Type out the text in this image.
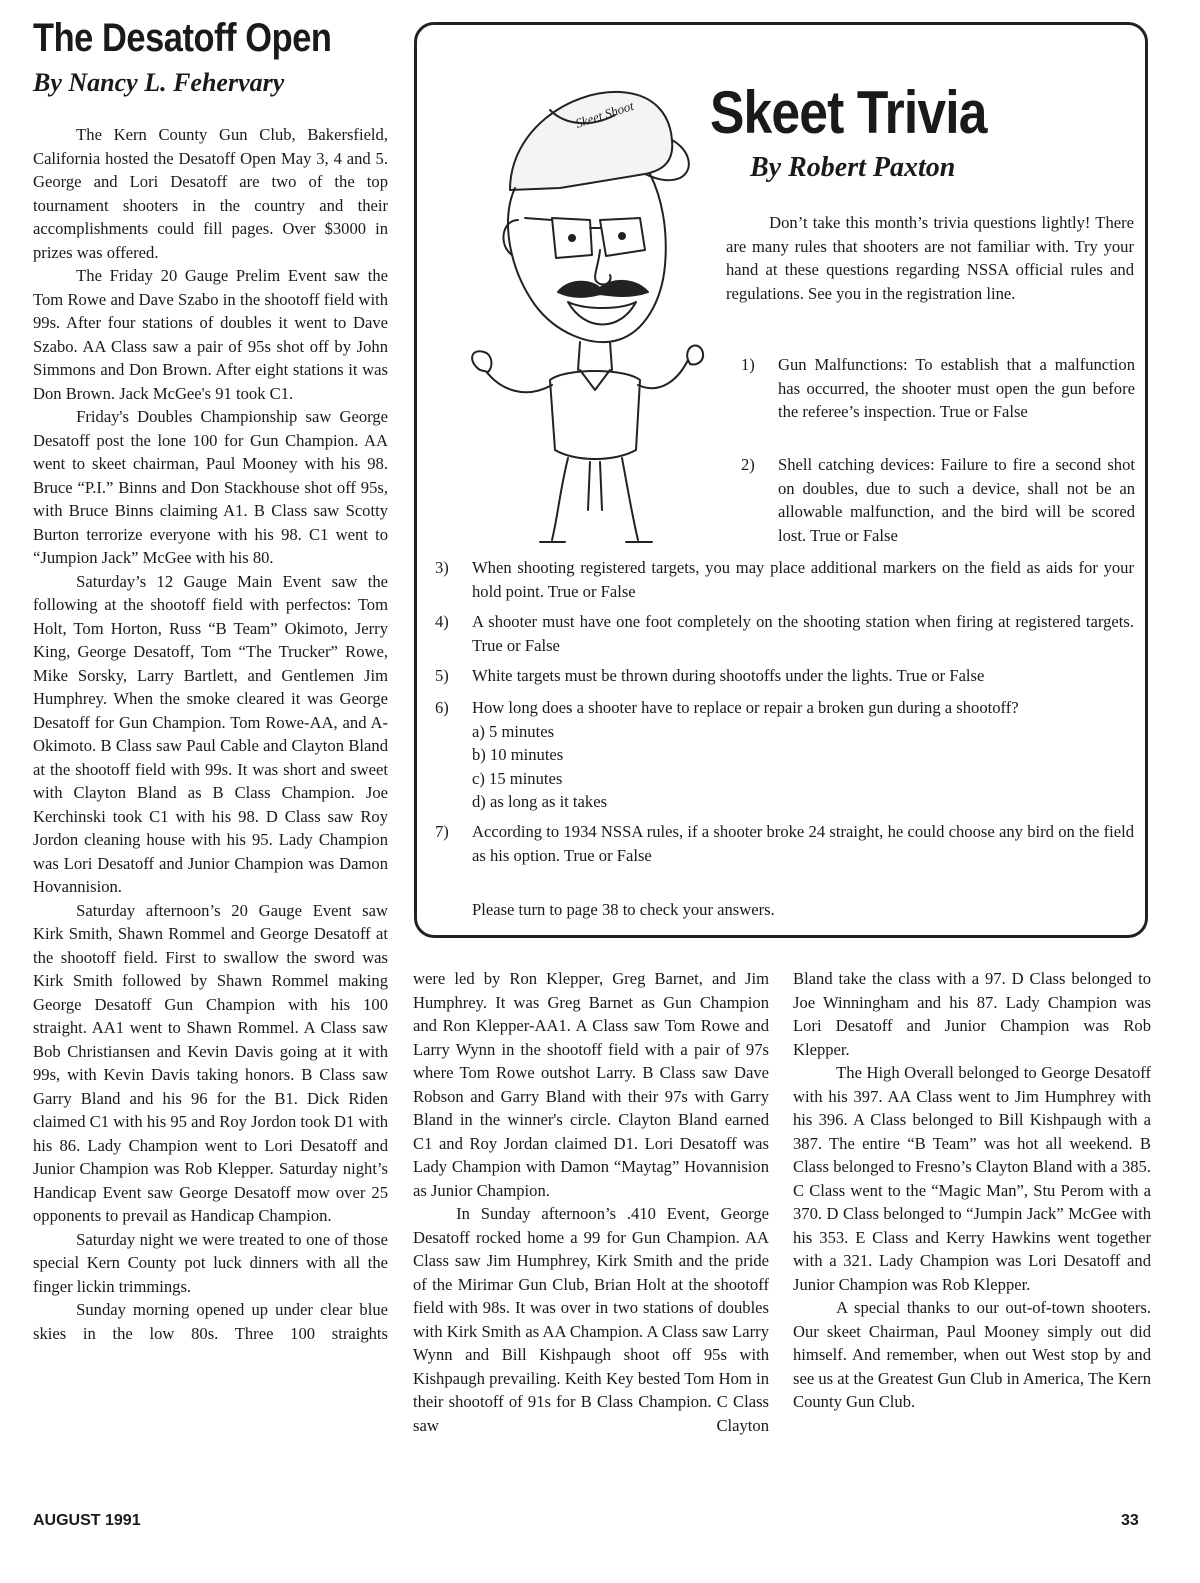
The Desatoff Open
By Nancy L. Fehervary

The Kern County Gun Club, Bakersfield, California hosted the Desatoff Open May 3, 4 and 5. George and Lori Desatoff are two of the top tournament shooters in the country and their accomplishments could fill pages. Over $3000 in prizes was offered.

The Friday 20 Gauge Prelim Event saw the Tom Rowe and Dave Szabo in the shootoff field with 99s. After four stations of doubles it went to Dave Szabo. AA Class saw a pair of 95s shot off by John Simmons and Don Brown. After eight stations it was Don Brown. Jack McGee's 91 took C1.

Friday's Doubles Championship saw George Desatoff post the lone 100 for Gun Champion. AA went to skeet chairman, Paul Mooney with his 98. Bruce “P.I.” Binns and Don Stackhouse shot off 95s, with Bruce Binns claiming A1. B Class saw Scotty Burton terrorize everyone with his 98. C1 went to “Jumpion Jack” McGee with his 80.

Saturday’s 12 Gauge Main Event saw the following at the shootoff field with perfectos: Tom Holt, Tom Horton, Russ “B Team” Okimoto, Jerry King, George Desatoff, Tom “The Trucker” Rowe, Mike Sorsky, Larry Bartlett, and Gentlemen Jim Humphrey. When the smoke cleared it was George Desatoff for Gun Champion. Tom Rowe-AA, and A-Okimoto. B Class saw Paul Cable and Clayton Bland at the shootoff field with 99s. It was short and sweet with Clayton Bland as B Class Champion. Joe Kerchinski took C1 with his 98. D Class saw Roy Jordon cleaning house with his 95. Lady Champion was Lori Desatoff and Junior Champion was Damon Hovannision.

Saturday afternoon’s 20 Gauge Event saw Kirk Smith, Shawn Rommel and George Desatoff at the shootoff field. First to swallow the sword was Kirk Smith followed by Shawn Rommel making George Desatoff Gun Champion with his 100 straight. AA1 went to Shawn Rommel. A Class saw Bob Christiansen and Kevin Davis going at it with 99s, with Kevin Davis taking honors. B Class saw Garry Bland and his 96 for the B1. Dick Riden claimed C1 with his 95 and Roy Jordon took D1 with his 86. Lady Champion went to Lori Desatoff and Junior Champion was Rob Klepper. Saturday night’s Handicap Event saw George Desatoff mow over 25 opponents to prevail as Handicap Champion.

Saturday night we were treated to one of those special Kern County pot luck dinners with all the finger lickin trimmings.

Sunday morning opened up under clear blue skies in the low 80s. Three 100 straights

were led by Ron Klepper, Greg Barnet, and Jim Humphrey. It was Greg Barnet as Gun Champion and Ron Klepper-AA1. A Class saw Tom Rowe and Larry Wynn in the shootoff field with a pair of 97s where Tom Rowe outshot Larry. B Class saw Dave Robson and Garry Bland with their 97s with Garry Bland in the winner's circle. Clayton Bland earned C1 and Roy Jordan claimed D1. Lori Desatoff was Lady Champion with Damon “Maytag” Hovannision as Junior Champion.

In Sunday afternoon’s .410 Event, George Desatoff rocked home a 99 for Gun Champion. AA Class saw Jim Humphrey, Kirk Smith and the pride of the Mirimar Gun Club, Brian Holt at the shootoff field with 98s. It was over in two stations of doubles with Kirk Smith as AA Champion. A Class saw Larry Wynn and Bill Kishpaugh shoot off 95s with Kishpaugh prevailing. Keith Key bested Tom Hom in their shootoff of 91s for B Class Champion. C Class saw Clayton

Bland take the class with a 97. D Class belonged to Joe Winningham and his 87. Lady Champion was Lori Desatoff and Junior Champion was Rob Klepper.

The High Overall belonged to George Desatoff with his 397. AA Class went to Jim Humphrey with his 396. A Class belonged to Bill Kishpaugh with a 387. The entire “B Team” was hot all weekend. B Class belonged to Fresno’s Clayton Bland with a 385. C Class went to the “Magic Man”, Stu Perom with a 370. D Class belonged to “Jumpin Jack” McGee with his 353. E Class and Kerry Hawkins went together with a 321. Lady Champion was Lori Desatoff and Junior Champion was Rob Klepper.

A special thanks to our out-of-town shooters. Our skeet Chairman, Paul Mooney simply out did himself. And remember, when out West stop by and see us at the Greatest Gun Club in America, The Kern County Gun Club.

Skeet Shoot Skeet Trivia
By Robert Paxton

Don’t take this month’s trivia questions lightly! There are many rules that shooters are not familiar with. Try your hand at these questions regarding NSSA official rules and regulations. See you in the registration line.

1) Gun Malfunctions: To establish that a malfunction has occurred, the shooter must open the gun before the referee’s inspection. True or False
2) Shell catching devices: Failure to fire a second shot on doubles, due to such a device, shall not be an allowable malfunction, and the bird will be scored lost. True or False
3) When shooting registered targets, you may place additional markers on the field as aids for your hold point. True or False
4) A shooter must have one foot completely on the shooting station when firing at registered targets. True or False
5) White targets must be thrown during shootoffs under the lights. True or False
6) How long does a shooter have to replace or repair a broken gun during a shootoff?
a) 5 minutes
b) 10 minutes
c) 15 minutes
d) as long as it takes
7) According to 1934 NSSA rules, if a shooter broke 24 straight, he could choose any bird on the field as his option. True or False
Please turn to page 38 to check your answers.
AUGUST 1991	33
